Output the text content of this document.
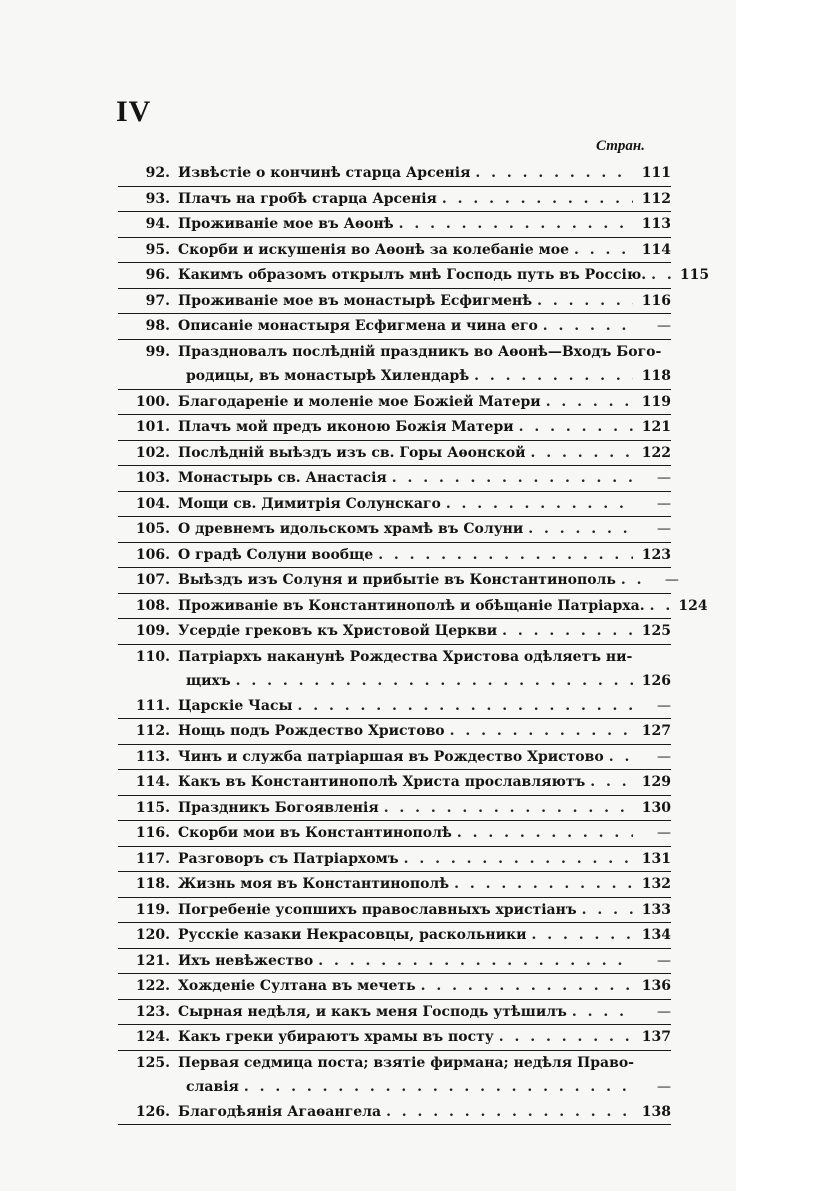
IV
Стран.
92. Извѣстіе о кончинѣ старца Арсенія . . .	111
93. Плачъ на гробѣ старца Арсенія . . .	112
94. Проживаніе мое въ Аѳонѣ . . .	113
95. Скорби и искушенія во Аѳонѣ за колебаніе мое . . .	114
96. Какимъ образомъ открылъ мнѣ Господь путь въ Россію. . . .	115
97. Проживаніе мое въ монастырѣ Есфигменѣ . . .	116
98. Описаніе монастыря Есфигмена и чина его . . .	—
99. Праздновалъ послѣдній праздникъ во Аѳонѣ—Входъ Бого-
родицы, въ монастырѣ Хилендарѣ . . .	118
100. Благодареніе и моленіе мое Божіей Матери . . .	119
101. Плачъ мой предъ иконою Божія Матери . . .	121
102. Послѣдній выѣздъ изъ св. Горы Аѳонской . . .	122
103. Монастырь св. Анастасія . . .	—
104. Мощи св. Димитрія Солунскаго . . .	—
105. О древнемъ идольскомъ храмѣ въ Солуни . . .	—
106. О градѣ Солуни вообще . . .	123
107. Выѣздъ изъ Солуня и прибытіе въ Константинополь . . .	—
108. Проживаніе въ Константинополѣ и обѣщаніе Патріарха. . . .	124
109. Усердіе грековъ къ Христовой Церкви . . .	125
110. Патріархъ наканунѣ Рождества Христова одѣляетъ ни-
щихъ . . .	126
111. Царскіе Часы . . .	—
112. Нощь подъ Рождество Христово . . .	127
113. Чинъ и служба патріаршая въ Рождество Христово . . .	—
114. Какъ въ Константинополѣ Христа прославляютъ . . .	129
115. Праздникъ Богоявленія . . .	130
116. Скорби мои въ Константинополѣ . . .	—
117. Разговоръ съ Патріархомъ . . .	131
118. Жизнь моя въ Константинополѣ . . .	132
119. Погребеніе усопшихъ православныхъ христіанъ . . .	133
120. Русскіе казаки Некрасовцы, раскольники . . .	134
121. Ихъ невѣжество . . .	—
122. Хожденіе Султана въ мечеть . . .	136
123. Сырная недѣля, и какъ меня Господь утѣшилъ . . .	—
124. Какъ греки убираютъ храмы въ посту . . .	137
125. Первая седмица поста; взятіе фирмана; недѣля Право-
славія . . .	—
126. Благодѣянія Агаѳангела . . .	138
